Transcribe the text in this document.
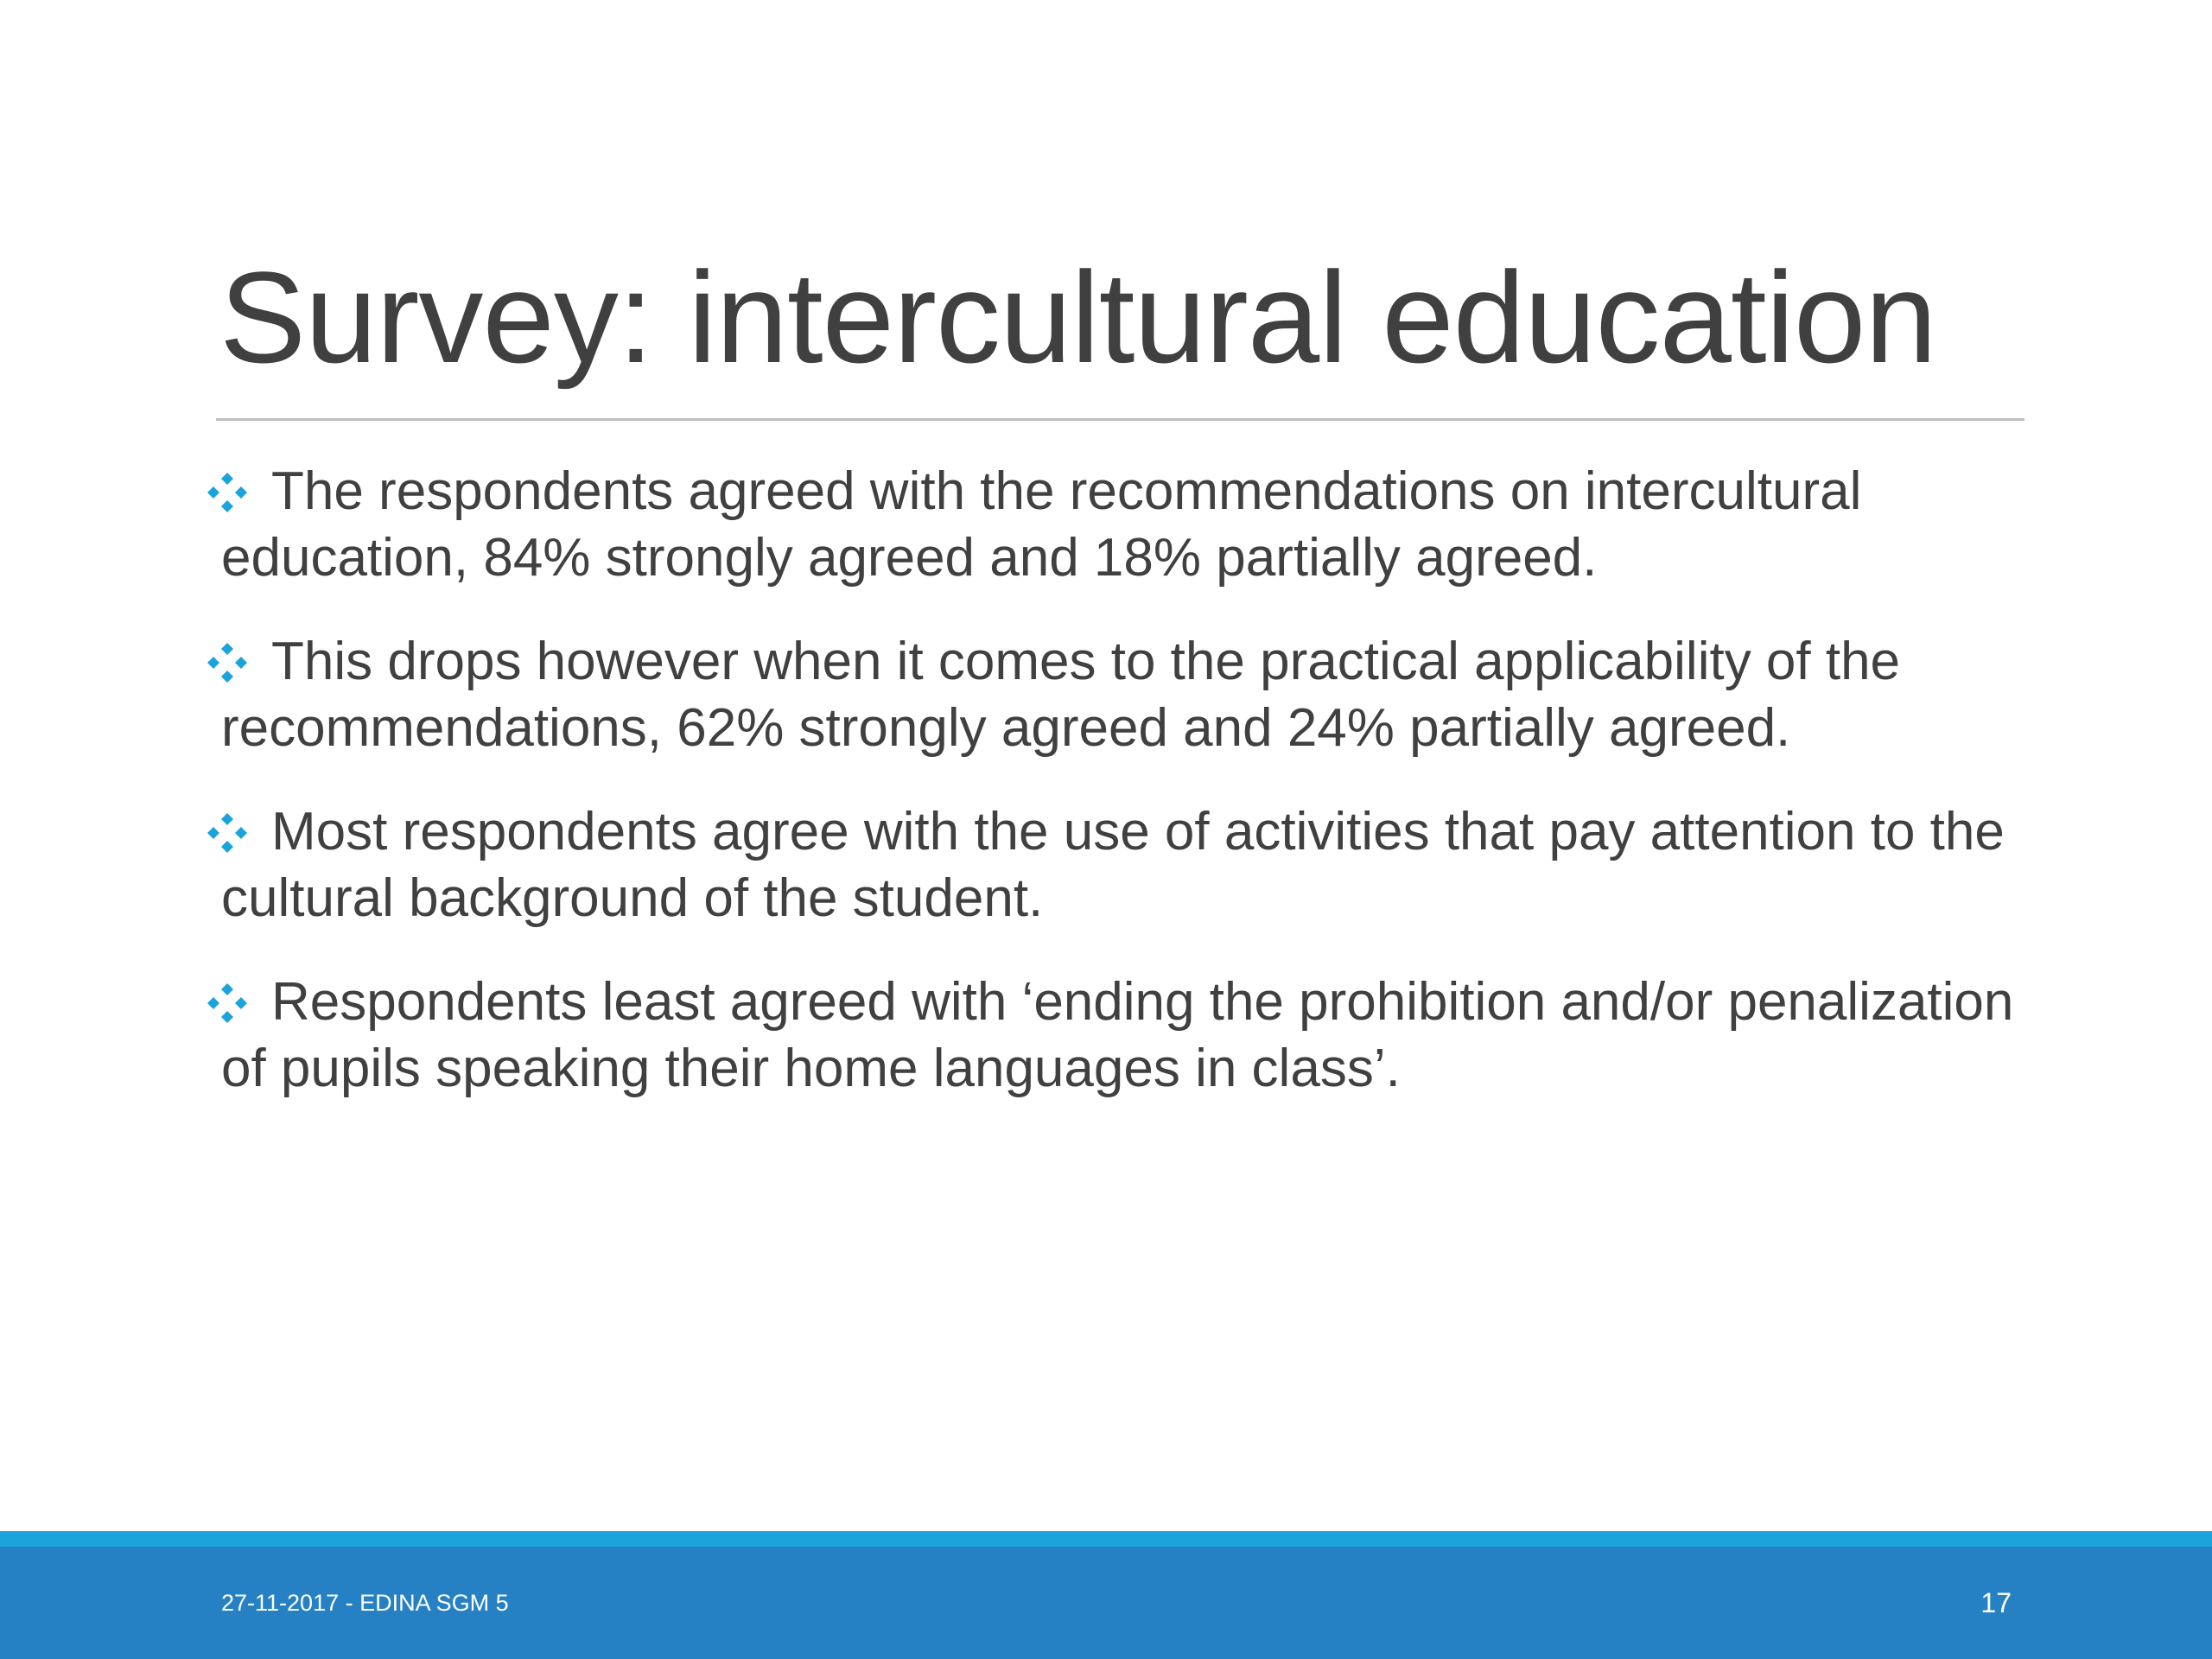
Survey: intercultural education
The respondents agreed with the recommendations on intercultural education, 84% strongly agreed and 18% partially agreed.
This drops however when it comes to the practical applicability of the recommendations, 62% strongly agreed and 24% partially agreed.
Most respondents agree with the use of activities that pay attention to the cultural background of the student.
Respondents least agreed with ‘ending the prohibition and/or penalization of pupils speaking their home languages in class’.
27-11-2017 - EDINA SGM 5	17
